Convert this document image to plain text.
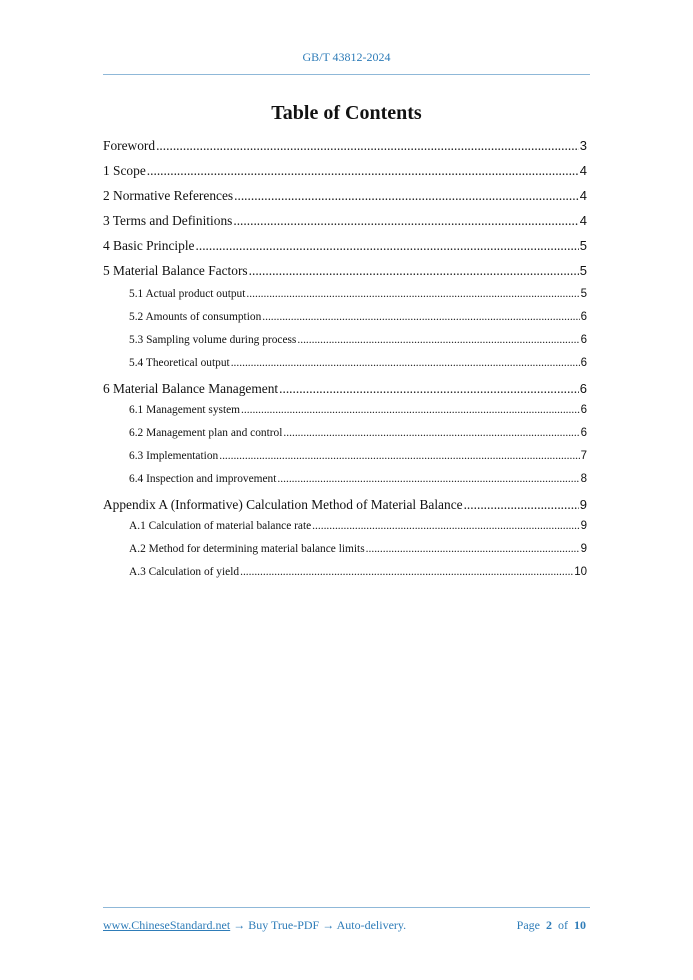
GB/T 43812-2024
Table of Contents
Foreword .....	3
1 Scope .....	4
2 Normative References .....	4
3 Terms and Definitions .....	4
4 Basic Principle .....	5
5 Material Balance Factors .....	5
5.1 Actual product output .....	5
5.2 Amounts of consumption .....	6
5.3 Sampling volume during process .....	6
5.4 Theoretical output .....	6
6 Material Balance Management .....	6
6.1 Management system .....	6
6.2 Management plan and control .....	6
6.3 Implementation .....	7
6.4 Inspection and improvement .....	8
Appendix A (Informative) Calculation Method of Material Balance .....	9
A.1 Calculation of material balance rate .....	9
A.2 Method for determining material balance limits .....	9
A.3 Calculation of yield .....	10
www.ChineseStandard.net → Buy True-PDF → Auto-delivery.	Page 2 of 10
